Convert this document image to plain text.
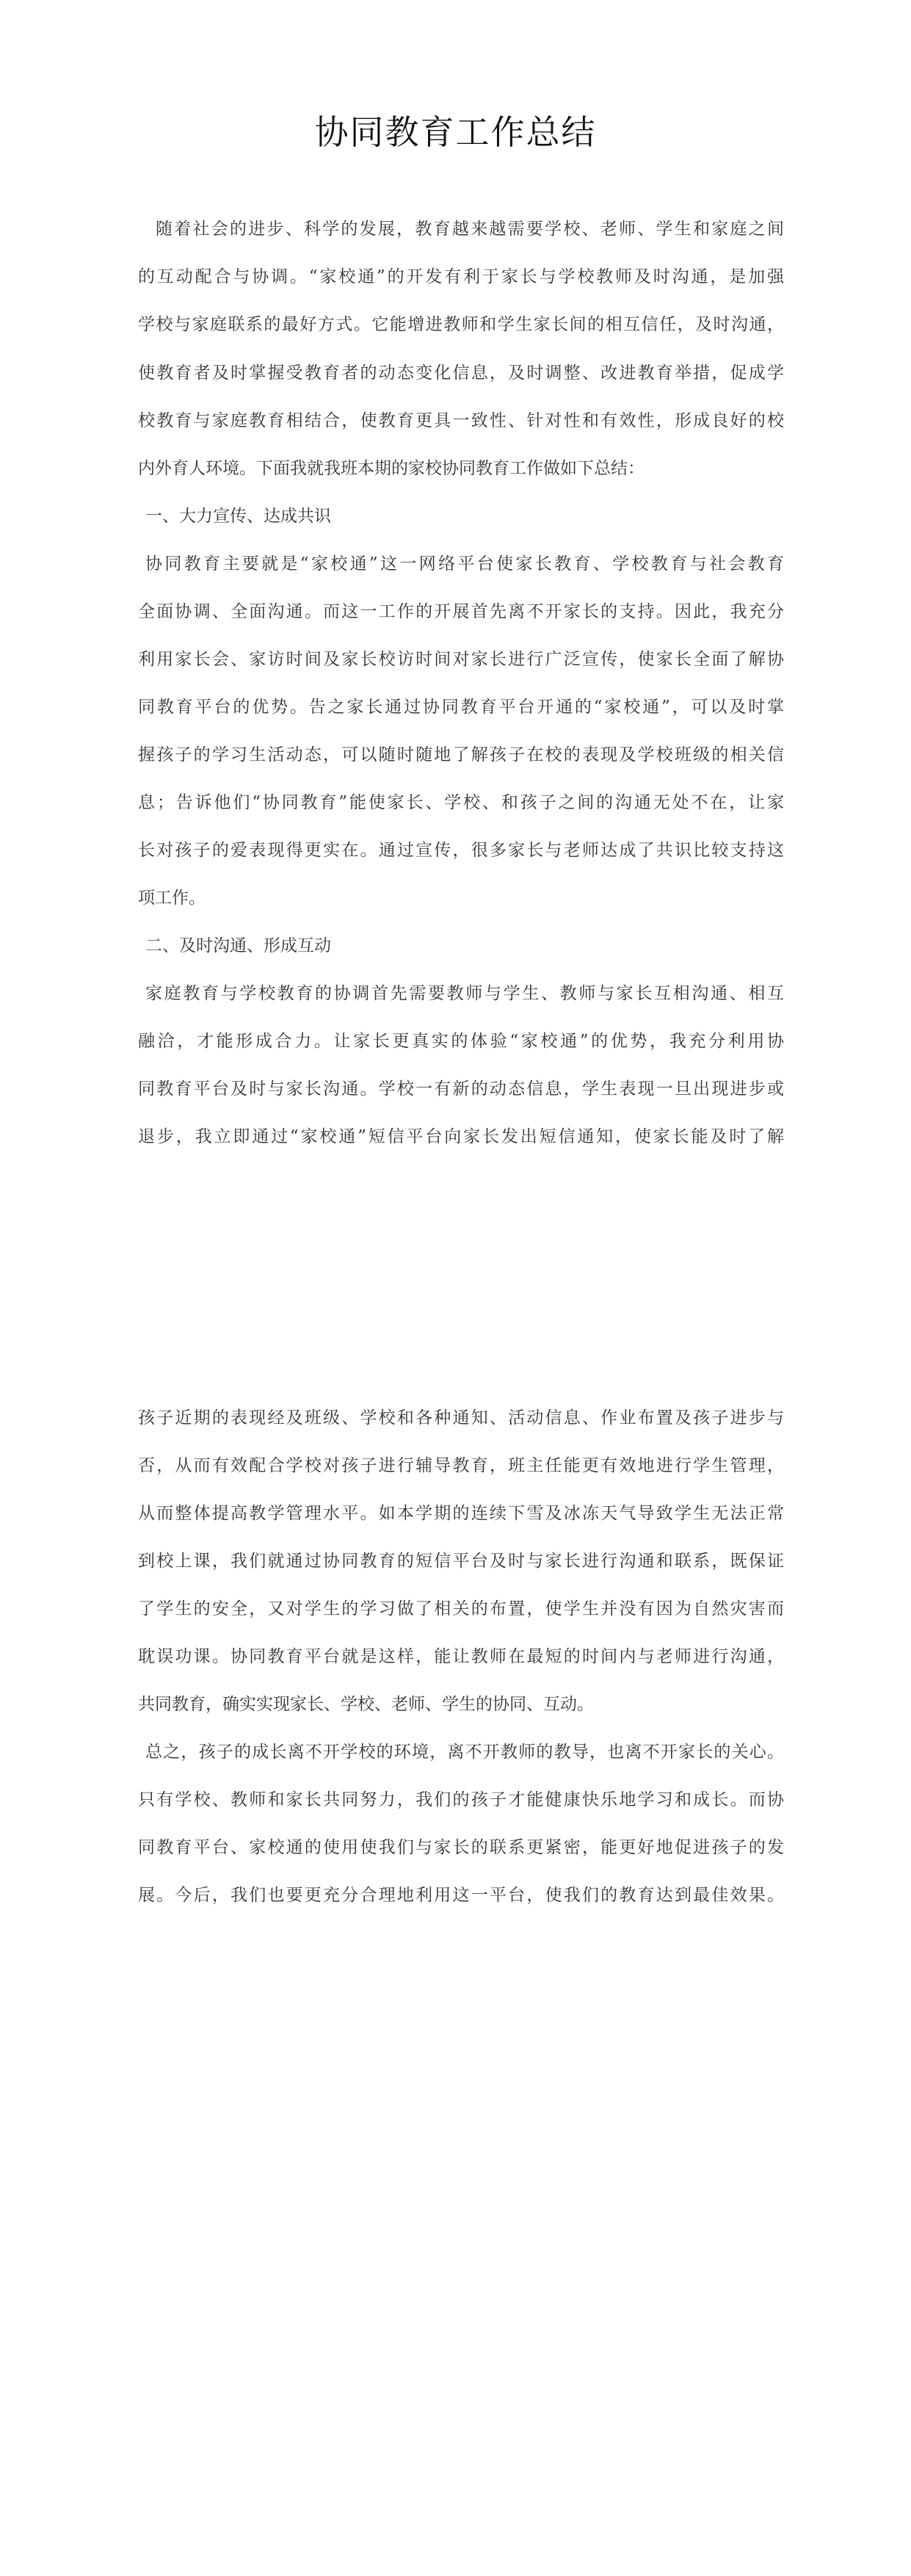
协同教育工作总结
随着社会的进步、科学的发展，教育越来越需要学校、老师、学生和家庭之间
的互动配合与协调。“家校通”的开发有利于家长与学校教师及时沟通，是加强
学校与家庭联系的最好方式。它能增进教师和学生家长间的相互信任，及时沟通，
使教育者及时掌握受教育者的动态变化信息，及时调整、改进教育举措，促成学
校教育与家庭教育相结合，使教育更具一致性、针对性和有效性，形成良好的校
内外育人环境。下面我就我班本期的家校协同教育工作做如下总结：
一、大力宣传、达成共识
协同教育主要就是“家校通”这一网络平台使家长教育、学校教育与社会教育
全面协调、全面沟通。而这一工作的开展首先离不开家长的支持。因此，我充分
利用家长会、家访时间及家长校访时间对家长进行广泛宣传，使家长全面了解协
同教育平台的优势。告之家长通过协同教育平台开通的“家校通”，可以及时掌
握孩子的学习生活动态，可以随时随地了解孩子在校的表现及学校班级的相关信
息；告诉他们“协同教育”能使家长、学校、和孩子之间的沟通无处不在，让家
长对孩子的爱表现得更实在。通过宣传，很多家长与老师达成了共识比较支持这
项工作。
二、及时沟通、形成互动
家庭教育与学校教育的协调首先需要教师与学生、教师与家长互相沟通、相互
融洽，才能形成合力。让家长更真实的体验“家校通”的优势，我充分利用协
同教育平台及时与家长沟通。学校一有新的动态信息，学生表现一旦出现进步或
退步，我立即通过“家校通”短信平台向家长发出短信通知，使家长能及时了解
孩子近期的表现经及班级、学校和各种通知、活动信息、作业布置及孩子进步与
否，从而有效配合学校对孩子进行辅导教育，班主任能更有效地进行学生管理，
从而整体提高教学管理水平。如本学期的连续下雪及冰冻天气导致学生无法正常
到校上课，我们就通过协同教育的短信平台及时与家长进行沟通和联系，既保证
了学生的安全，又对学生的学习做了相关的布置，使学生并没有因为自然灾害而
耽误功课。协同教育平台就是这样，能让教师在最短的时间内与老师进行沟通，
共同教育，确实实现家长、学校、老师、学生的协同、互动。
总之，孩子的成长离不开学校的环境，离不开教师的教导，也离不开家长的关心。
只有学校、教师和家长共同努力，我们的孩子才能健康快乐地学习和成长。而协
同教育平台、家校通的使用使我们与家长的联系更紧密，能更好地促进孩子的发
展。今后，我们也要更充分合理地利用这一平台，使我们的教育达到最佳效果。
